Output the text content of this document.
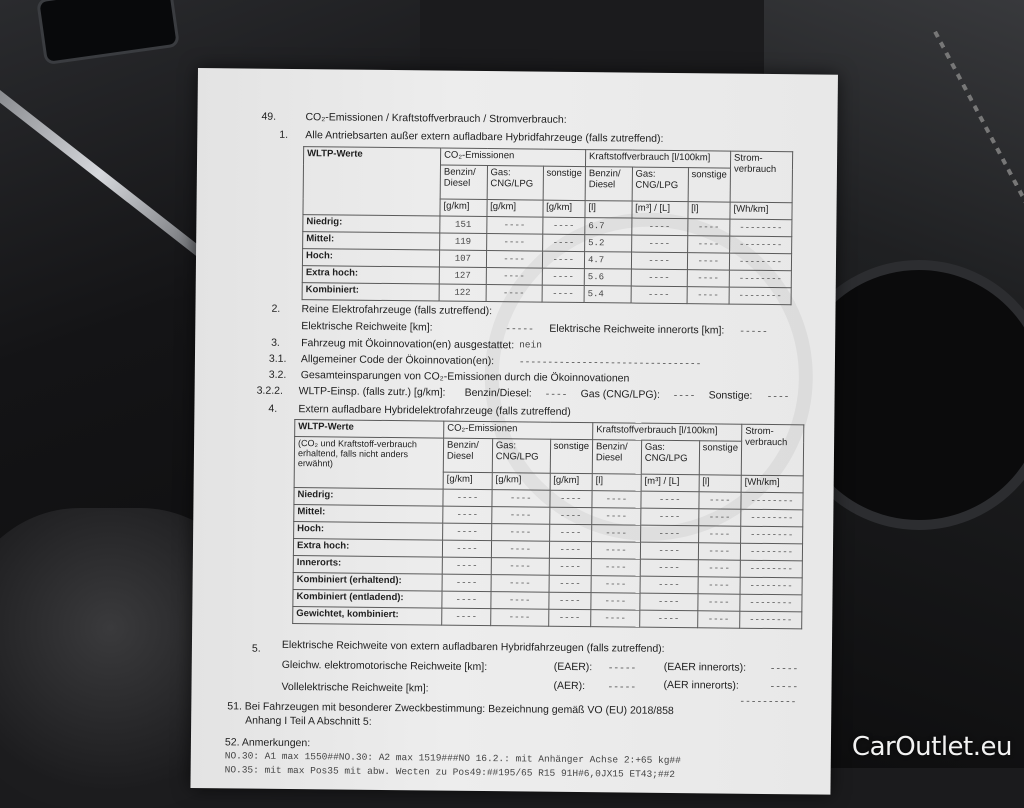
49.	CO₂-Emissionen / Kraftstoffverbrauch / Stromverbrauch:
1. Alle Antriebsarten außer extern aufladbare Hybridfahrzeuge (falls zutreffend):
WLTP-Werte	CO₂-Emissionen			Kraftstoffverbrauch [l/100km]			Strom-verbrauch
	Benzin/ Diesel	Gas: CNG/LPG	sonstige	Benzin/ Diesel	Gas: CNG/LPG	sonstige	
	[g/km]	[g/km]	[g/km]	[l]	[m³] / [L]	[l]	[Wh/km]
Niedrig:	151	----	----	6.7	----	----	--------
Mittel:	119	----	----	5.2	----	----	--------
Hoch:	107	----	----	4.7	----	----	--------
Extra hoch:	127	----	----	5.6	----	----	--------
Kombiniert:	122	----	----	5.4	----	----	--------
2. Reine Elektrofahrzeuge (falls zutreffend):
Elektrische Reichweite [km]:	----- Elektrische Reichweite innerorts [km]: -----
3. Fahrzeug mit Ökoinnovation(en) ausgestattet: nein
3.1. Allgemeiner Code der Ökoinnovation(en):	--------------------------------
3.2. Gesamteinsparungen von CO₂-Emissionen durch die Ökoinnovationen
3.2.2. WLTP-Einsp. (falls zutr.) [g/km]: Benzin/Diesel: ---- Gas (CNG/LPG): ---- Sonstige: ----
4. Extern aufladbare Hybridelektrofahrzeuge (falls zutreffend)
WLTP-Werte	CO₂-Emissionen			Kraftstoffverbrauch [l/100km]			Strom-verbrauch
(CO₂ und Kraftstoff-verbrauch erhaltend, falls nicht anders erwähnt)	Benzin/ Diesel	Gas: CNG/LPG	sonstige	Benzin/ Diesel	Gas: CNG/LPG	sonstige	
	[g/km]	[g/km]	[g/km]	[l]	[m³] / [L]	[l]	[Wh/km]
Niedrig:	----	----	----	----	----	----	--------
Mittel:	----	----	----	----	----	----	--------
Hoch:	----	----	----	----	----	----	--------
Extra hoch:	----	----	----	----	----	----	--------
Innerorts:	----	----	----	----	----	----	--------
Kombiniert (erhaltend):	----	----	----	----	----	----	--------
Kombiniert (entladend):	----	----	----	----	----	----	--------
Gewichtet, kombiniert:	----	----	----	----	----	----	--------
5. Elektrische Reichweite von extern aufladbaren Hybridfahrzeugen (falls zutreffend):
Gleichw. elektromotorische Reichweite [km]:	(EAER): -----	(EAER innerorts): -----
Vollelektrische Reichweite [km]:	(AER): -----	(AER innerorts):	-----
51. Bei Fahrzeugen mit besonderer Zweckbestimmung: Bezeichnung gemäß VO (EU) 2018/858
Anhang I Teil A Abschnitt 5:
----------
52. Anmerkungen:
NO.30: A1 max 1550##NO.30: A2 max 1519###NO 16.2.: mit Anhänger Achse 2:+65 kg##
NO.35: mit max Pos35 mit abw. Wecten zu Pos49:##195/65 R15 91H#6,0JX15 ET43;##2
CarOutlet.eu
